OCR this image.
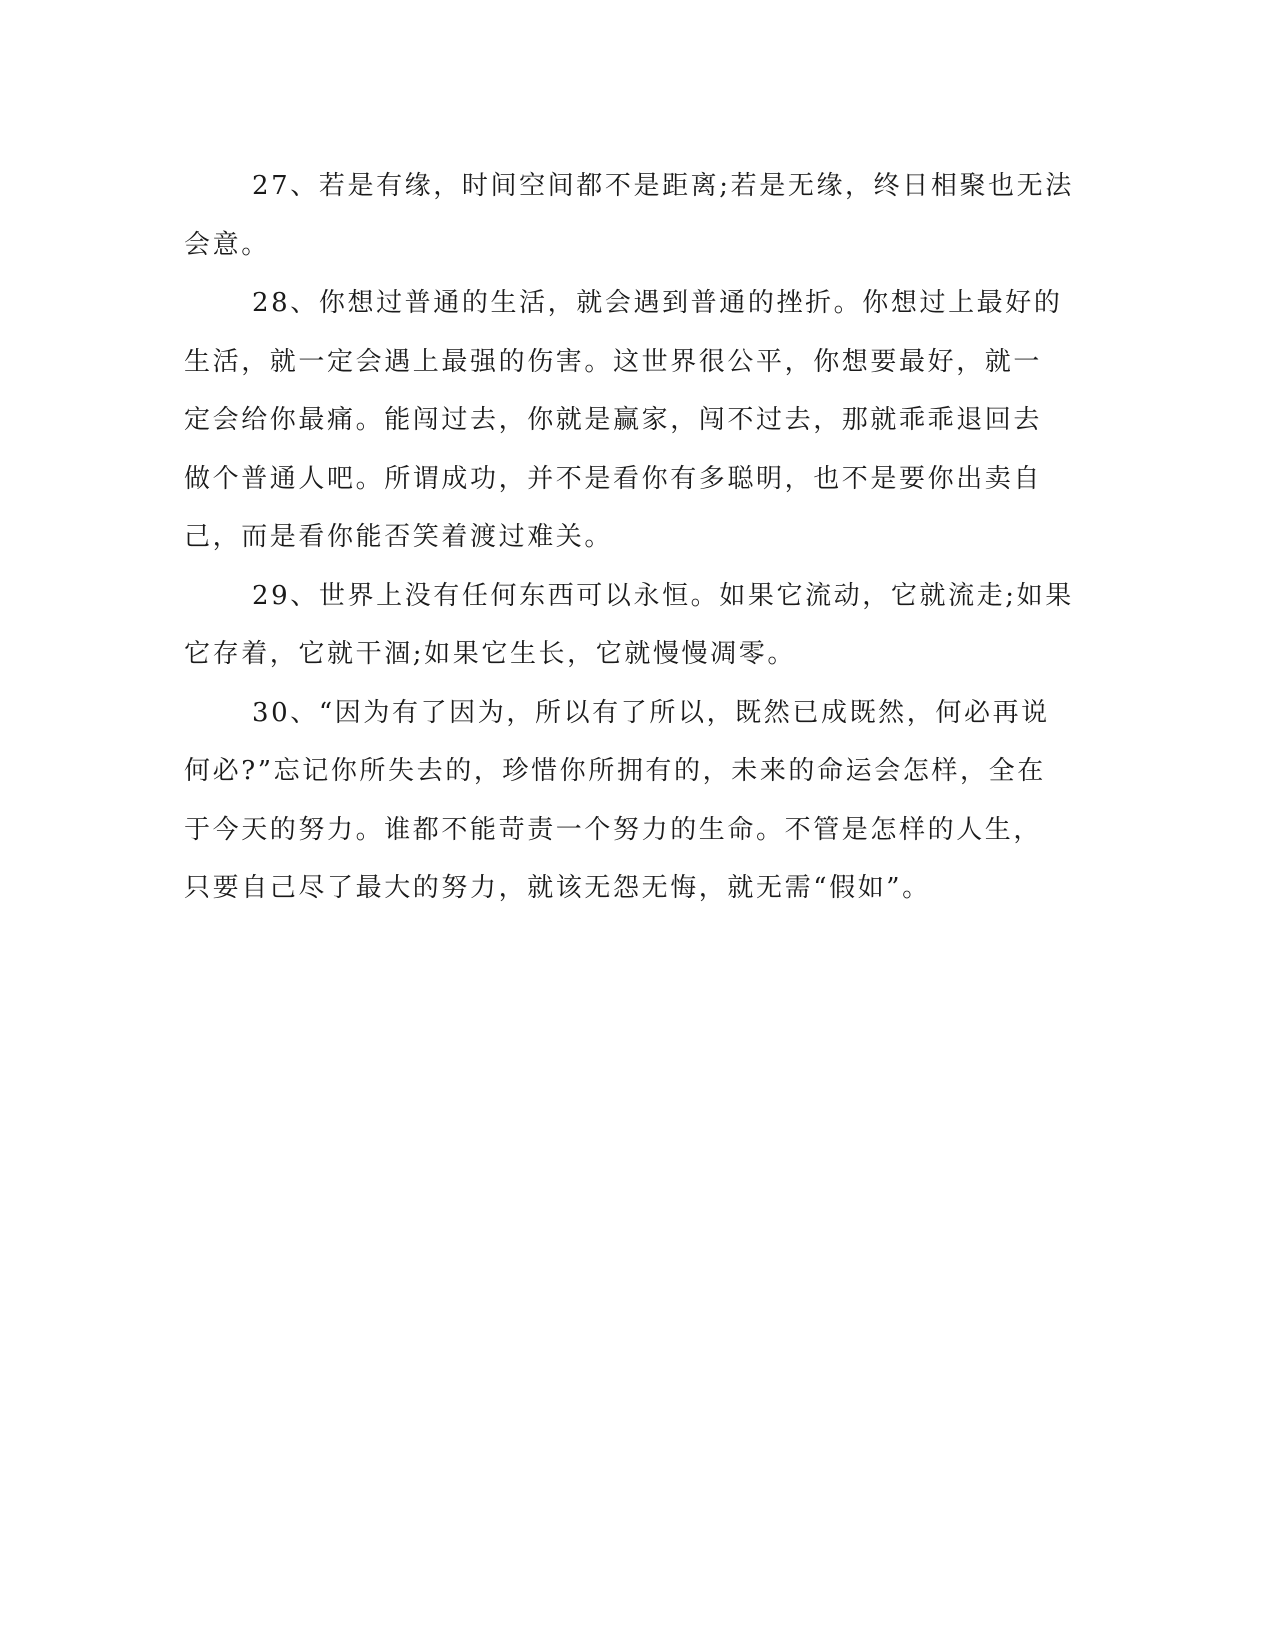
27、若是有缘，时间空间都不是距离;若是无缘，终日相聚也无法
会意。

28、你想过普通的生活，就会遇到普通的挫折。你想过上最好的
生活，就一定会遇上最强的伤害。这世界很公平，你想要最好，就一
定会给你最痛。能闯过去，你就是赢家，闯不过去，那就乖乖退回去
做个普通人吧。所谓成功，并不是看你有多聪明，也不是要你出卖自
己，而是看你能否笑着渡过难关。

29、世界上没有任何东西可以永恒。如果它流动，它就流走;如果
它存着，它就干涸;如果它生长，它就慢慢凋零。

30、“因为有了因为，所以有了所以，既然已成既然，何必再说
何必?”忘记你所失去的，珍惜你所拥有的，未来的命运会怎样，全在
于今天的努力。谁都不能苛责一个努力的生命。不管是怎样的人生，
只要自己尽了最大的努力，就该无怨无悔，就无需“假如”。
